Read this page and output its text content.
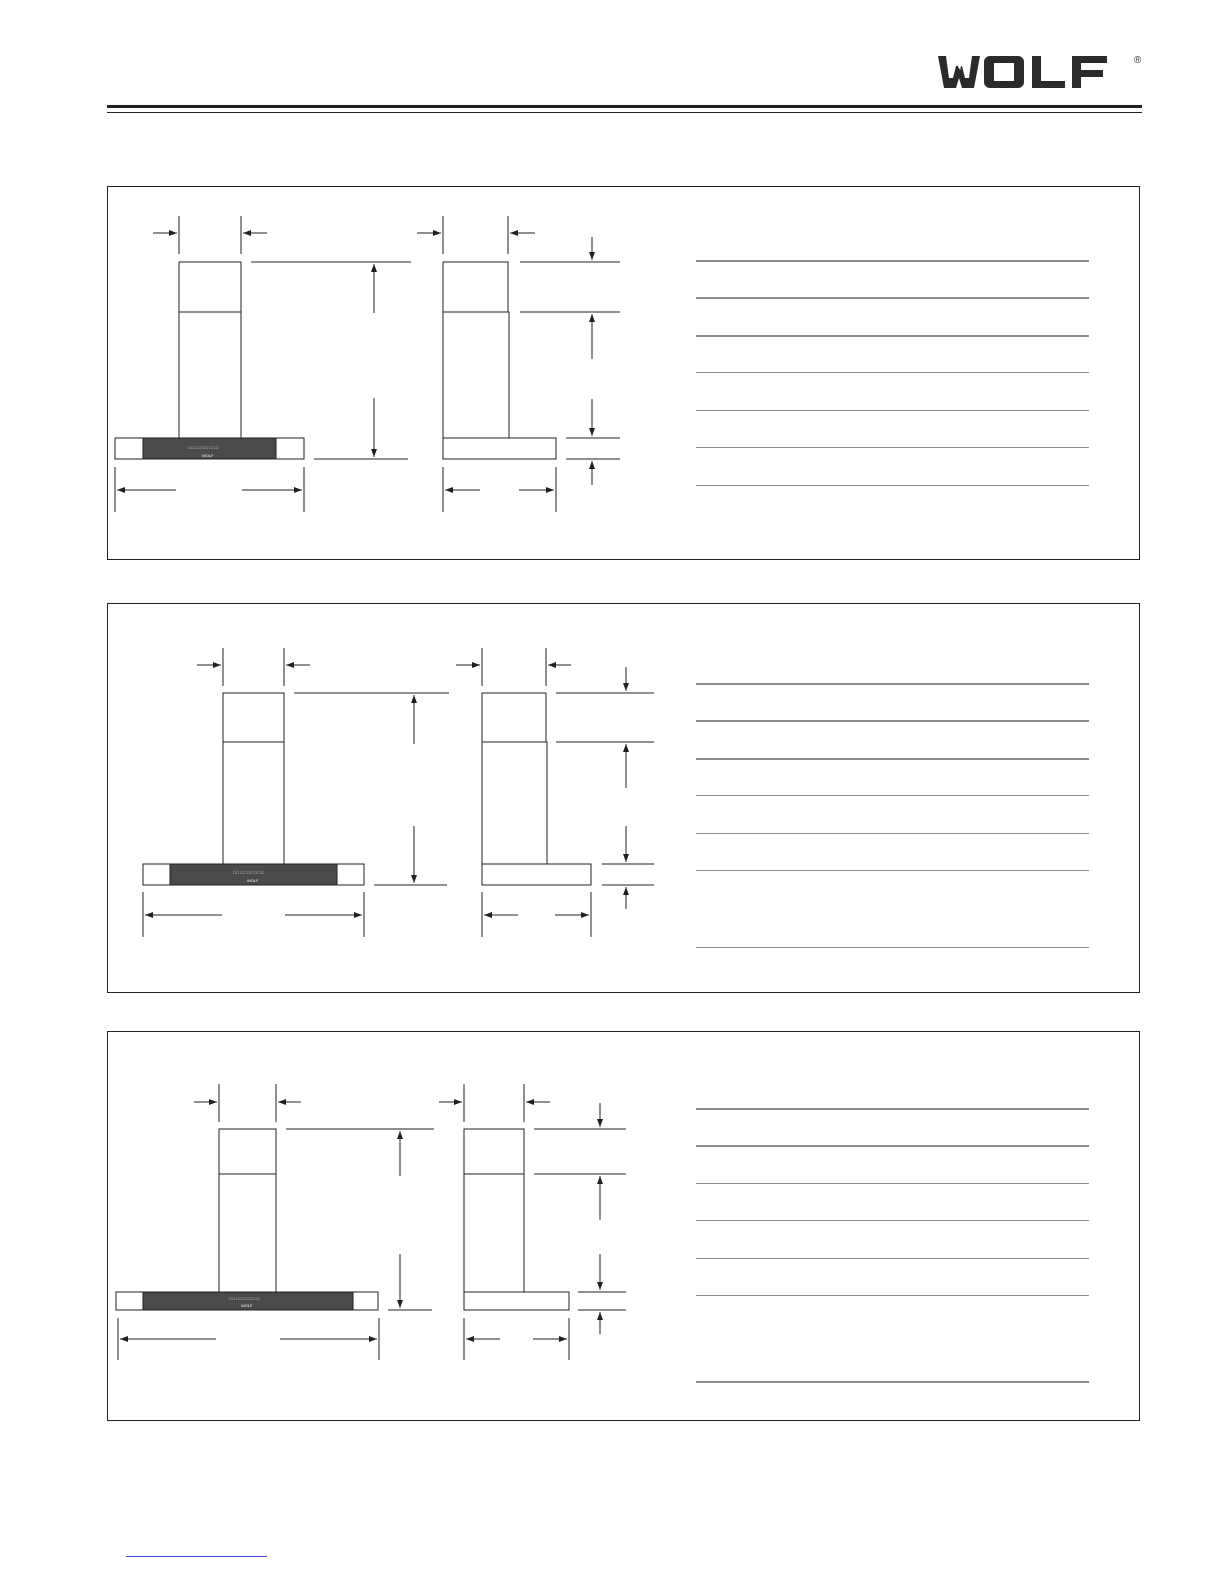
®
□ □ □ □ □ □ □ □ □
WOLF
□ □ □ □ □ □ □ □ □
WOLF
□ □ □ □ □ □ □ □ □
WOLF
